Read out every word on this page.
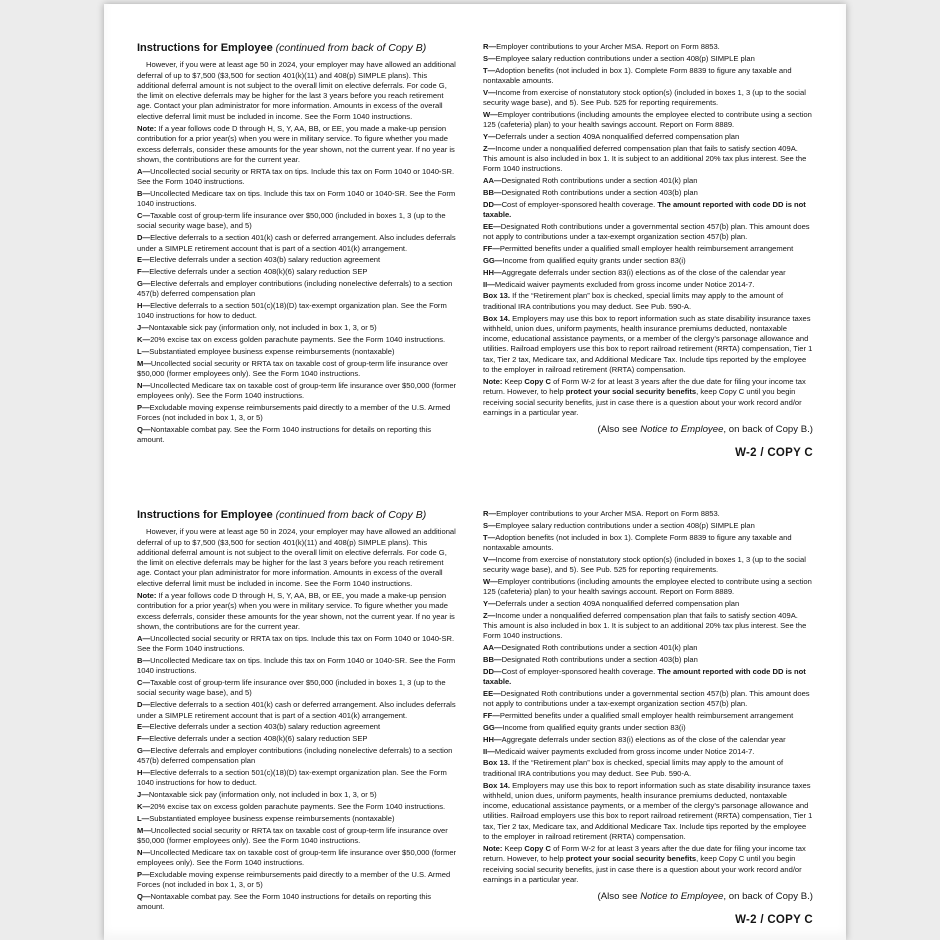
Instructions for Employee (continued from back of Copy B)

However, if you were at least age 50 in 2024, your employer may have allowed an additional deferral of up to $7,500 ($3,500 for section 401(k)(11) and 408(p) SIMPLE plans). This additional deferral amount is not subject to the overall limit on elective deferrals. For code G, the limit on elective deferrals may be higher for the last 3 years before you reach retirement age. Contact your plan administrator for more information. Amounts in excess of the overall elective deferral limit must be included in income. See the Form 1040 instructions.

Note: If a year follows code D through H, S, Y, AA, BB, or EE, you made a make-up pension contribution for a prior year(s) when you were in military service. To figure whether you made excess deferrals, consider these amounts for the year shown, not the current year. If no year is shown, the contributions are for the current year.

A—Uncollected social security or RRTA tax on tips. Include this tax on Form 1040 or 1040-SR. See the Form 1040 instructions.

B—Uncollected Medicare tax on tips. Include this tax on Form 1040 or 1040-SR. See the Form 1040 instructions.

C—Taxable cost of group-term life insurance over $50,000 (included in boxes 1, 3 (up to the social security wage base), and 5)

D—Elective deferrals to a section 401(k) cash or deferred arrangement. Also includes deferrals under a SIMPLE retirement account that is part of a section 401(k) arrangement.

E—Elective deferrals under a section 403(b) salary reduction agreement

F—Elective deferrals under a section 408(k)(6) salary reduction SEP

G—Elective deferrals and employer contributions (including nonelective deferrals) to a section 457(b) deferred compensation plan

H—Elective deferrals to a section 501(c)(18)(D) tax-exempt organization plan. See the Form 1040 instructions for how to deduct.

J—Nontaxable sick pay (information only, not included in box 1, 3, or 5)

K—20% excise tax on excess golden parachute payments. See the Form 1040 instructions.

L—Substantiated employee business expense reimbursements (nontaxable)

M—Uncollected social security or RRTA tax on taxable cost of group-term life insurance over $50,000 (former employees only). See the Form 1040 instructions.

N—Uncollected Medicare tax on taxable cost of group-term life insurance over $50,000 (former employees only). See the Form 1040 instructions.

P—Excludable moving expense reimbursements paid directly to a member of the U.S. Armed Forces (not included in box 1, 3, or 5)

Q—Nontaxable combat pay. See the Form 1040 instructions for details on reporting this amount.

R—Employer contributions to your Archer MSA. Report on Form 8853.

S—Employee salary reduction contributions under a section 408(p) SIMPLE plan

T—Adoption benefits (not included in box 1). Complete Form 8839 to figure any taxable and nontaxable amounts.

V—Income from exercise of nonstatutory stock option(s) (included in boxes 1, 3 (up to the social security wage base), and 5). See Pub. 525 for reporting requirements.

W—Employer contributions (including amounts the employee elected to contribute using a section 125 (cafeteria) plan) to your health savings account. Report on Form 8889.

Y—Deferrals under a section 409A nonqualified deferred compensation plan

Z—Income under a nonqualified deferred compensation plan that fails to satisfy section 409A. This amount is also included in box 1. It is subject to an additional 20% tax plus interest. See the Form 1040 instructions.

AA—Designated Roth contributions under a section 401(k) plan

BB—Designated Roth contributions under a section 403(b) plan

DD—Cost of employer-sponsored health coverage. The amount reported with code DD is not taxable.

EE—Designated Roth contributions under a governmental section 457(b) plan. This amount does not apply to contributions under a tax-exempt organization section 457(b) plan.

FF—Permitted benefits under a qualified small employer health reimbursement arrangement

GG—Income from qualified equity grants under section 83(i)

HH—Aggregate deferrals under section 83(i) elections as of the close of the calendar year

II—Medicaid waiver payments excluded from gross income under Notice 2014-7.

Box 13. If the “Retirement plan” box is checked, special limits may apply to the amount of traditional IRA contributions you may deduct. See Pub. 590-A.

Box 14. Employers may use this box to report information such as state disability insurance taxes withheld, union dues, uniform payments, health insurance premiums deducted, nontaxable income, educational assistance payments, or a member of the clergy’s parsonage allowance and utilities. Railroad employers use this box to report railroad retirement (RRTA) compensation, Tier 1 tax, Tier 2 tax, Medicare tax, and Additional Medicare Tax. Include tips reported by the employee to the employer in railroad retirement (RRTA) compensation.

Note: Keep Copy C of Form W-2 for at least 3 years after the due date for filing your income tax return. However, to help protect your social security benefits, keep Copy C until you begin receiving social security benefits, just in case there is a question about your work record and/or earnings in a particular year.

(Also see Notice to Employee, on back of Copy B.)

W-2 / COPY C

Instructions for Employee (continued from back of Copy B)

However, if you were at least age 50 in 2024, your employer may have allowed an additional deferral of up to $7,500 ($3,500 for section 401(k)(11) and 408(p) SIMPLE plans). This additional deferral amount is not subject to the overall limit on elective deferrals. For code G, the limit on elective deferrals may be higher for the last 3 years before you reach retirement age. Contact your plan administrator for more information. Amounts in excess of the overall elective deferral limit must be included in income. See the Form 1040 instructions.

Note: If a year follows code D through H, S, Y, AA, BB, or EE, you made a make-up pension contribution for a prior year(s) when you were in military service. To figure whether you made excess deferrals, consider these amounts for the year shown, not the current year. If no year is shown, the contributions are for the current year.

A—Uncollected social security or RRTA tax on tips. Include this tax on Form 1040 or 1040-SR. See the Form 1040 instructions.

B—Uncollected Medicare tax on tips. Include this tax on Form 1040 or 1040-SR. See the Form 1040 instructions.

C—Taxable cost of group-term life insurance over $50,000 (included in boxes 1, 3 (up to the social security wage base), and 5)

D—Elective deferrals to a section 401(k) cash or deferred arrangement. Also includes deferrals under a SIMPLE retirement account that is part of a section 401(k) arrangement.

E—Elective deferrals under a section 403(b) salary reduction agreement

F—Elective deferrals under a section 408(k)(6) salary reduction SEP

G—Elective deferrals and employer contributions (including nonelective deferrals) to a section 457(b) deferred compensation plan

H—Elective deferrals to a section 501(c)(18)(D) tax-exempt organization plan. See the Form 1040 instructions for how to deduct.

J—Nontaxable sick pay (information only, not included in box 1, 3, or 5)

K—20% excise tax on excess golden parachute payments. See the Form 1040 instructions.

L—Substantiated employee business expense reimbursements (nontaxable)

M—Uncollected social security or RRTA tax on taxable cost of group-term life insurance over $50,000 (former employees only). See the Form 1040 instructions.

N—Uncollected Medicare tax on taxable cost of group-term life insurance over $50,000 (former employees only). See the Form 1040 instructions.

P—Excludable moving expense reimbursements paid directly to a member of the U.S. Armed Forces (not included in box 1, 3, or 5)

Q—Nontaxable combat pay. See the Form 1040 instructions for details on reporting this amount.

R—Employer contributions to your Archer MSA. Report on Form 8853.

S—Employee salary reduction contributions under a section 408(p) SIMPLE plan

T—Adoption benefits (not included in box 1). Complete Form 8839 to figure any taxable and nontaxable amounts.

V—Income from exercise of nonstatutory stock option(s) (included in boxes 1, 3 (up to the social security wage base), and 5). See Pub. 525 for reporting requirements.

W—Employer contributions (including amounts the employee elected to contribute using a section 125 (cafeteria) plan) to your health savings account. Report on Form 8889.

Y—Deferrals under a section 409A nonqualified deferred compensation plan

Z—Income under a nonqualified deferred compensation plan that fails to satisfy section 409A. This amount is also included in box 1. It is subject to an additional 20% tax plus interest. See the Form 1040 instructions.

AA—Designated Roth contributions under a section 401(k) plan

BB—Designated Roth contributions under a section 403(b) plan

DD—Cost of employer-sponsored health coverage. The amount reported with code DD is not taxable.

EE—Designated Roth contributions under a governmental section 457(b) plan. This amount does not apply to contributions under a tax-exempt organization section 457(b) plan.

FF—Permitted benefits under a qualified small employer health reimbursement arrangement

GG—Income from qualified equity grants under section 83(i)

HH—Aggregate deferrals under section 83(i) elections as of the close of the calendar year

II—Medicaid waiver payments excluded from gross income under Notice 2014-7.

Box 13. If the “Retirement plan” box is checked, special limits may apply to the amount of traditional IRA contributions you may deduct. See Pub. 590-A.

Box 14. Employers may use this box to report information such as state disability insurance taxes withheld, union dues, uniform payments, health insurance premiums deducted, nontaxable income, educational assistance payments, or a member of the clergy’s parsonage allowance and utilities. Railroad employers use this box to report railroad retirement (RRTA) compensation, Tier 1 tax, Tier 2 tax, Medicare tax, and Additional Medicare Tax. Include tips reported by the employee to the employer in railroad retirement (RRTA) compensation.

Note: Keep Copy C of Form W-2 for at least 3 years after the due date for filing your income tax return. However, to help protect your social security benefits, keep Copy C until you begin receiving social security benefits, just in case there is a question about your work record and/or earnings in a particular year.

(Also see Notice to Employee, on back of Copy B.)

W-2 / COPY C
